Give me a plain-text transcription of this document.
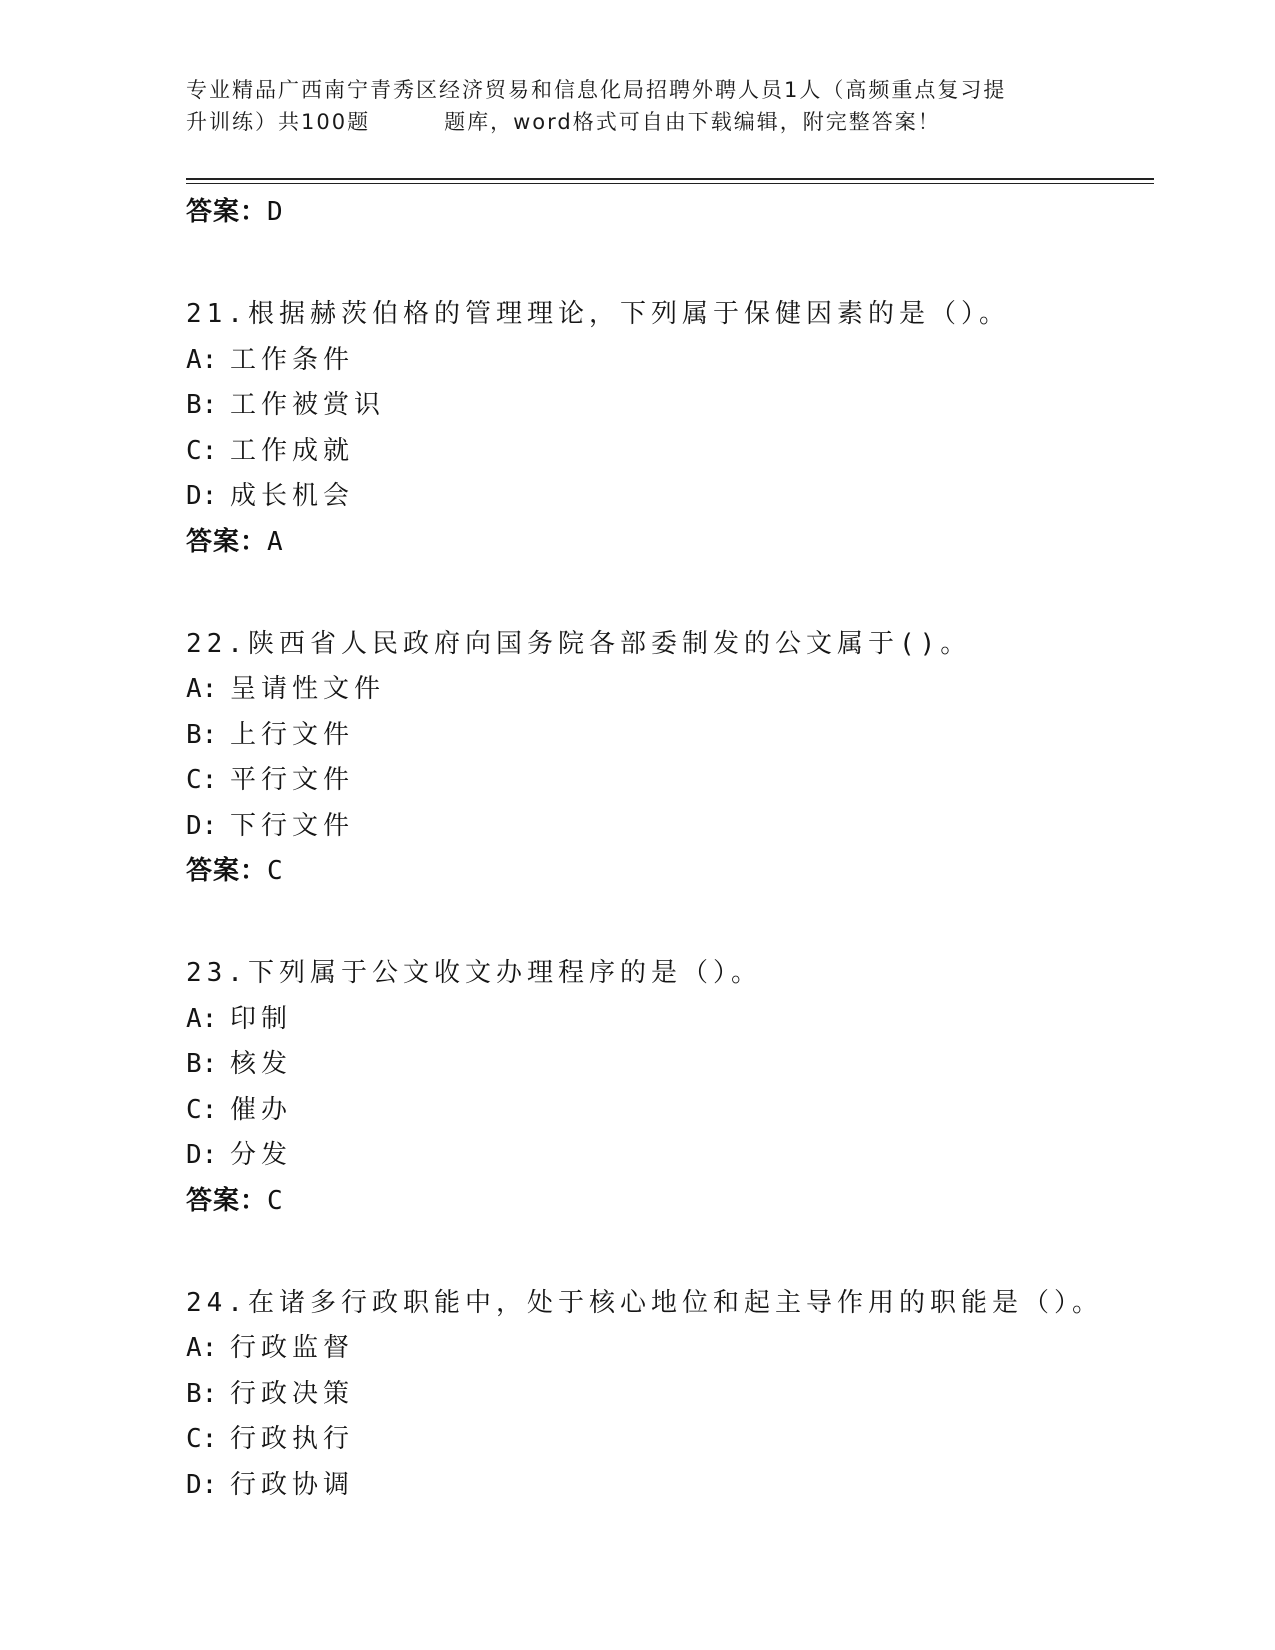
专业精品广西南宁青秀区经济贸易和信息化局招聘外聘人员1人（高频重点复习提
升训练）共100题	题库，word格式可自由下载编辑，附完整答案！
答案：D
21.根据赫茨伯格的管理理论，下列属于保健因素的是（）。
A: 工作条件
B: 工作被赏识
C: 工作成就
D: 成长机会
答案：A
22.陕西省人民政府向国务院各部委制发的公文属于()。
A: 呈请性文件
B: 上行文件
C: 平行文件
D: 下行文件
答案：C
23.下列属于公文收文办理程序的是（）。
A: 印制
B: 核发
C: 催办
D: 分发
答案：C
24.在诸多行政职能中，处于核心地位和起主导作用的职能是（）。
A: 行政监督
B: 行政决策
C: 行政执行
D: 行政协调
